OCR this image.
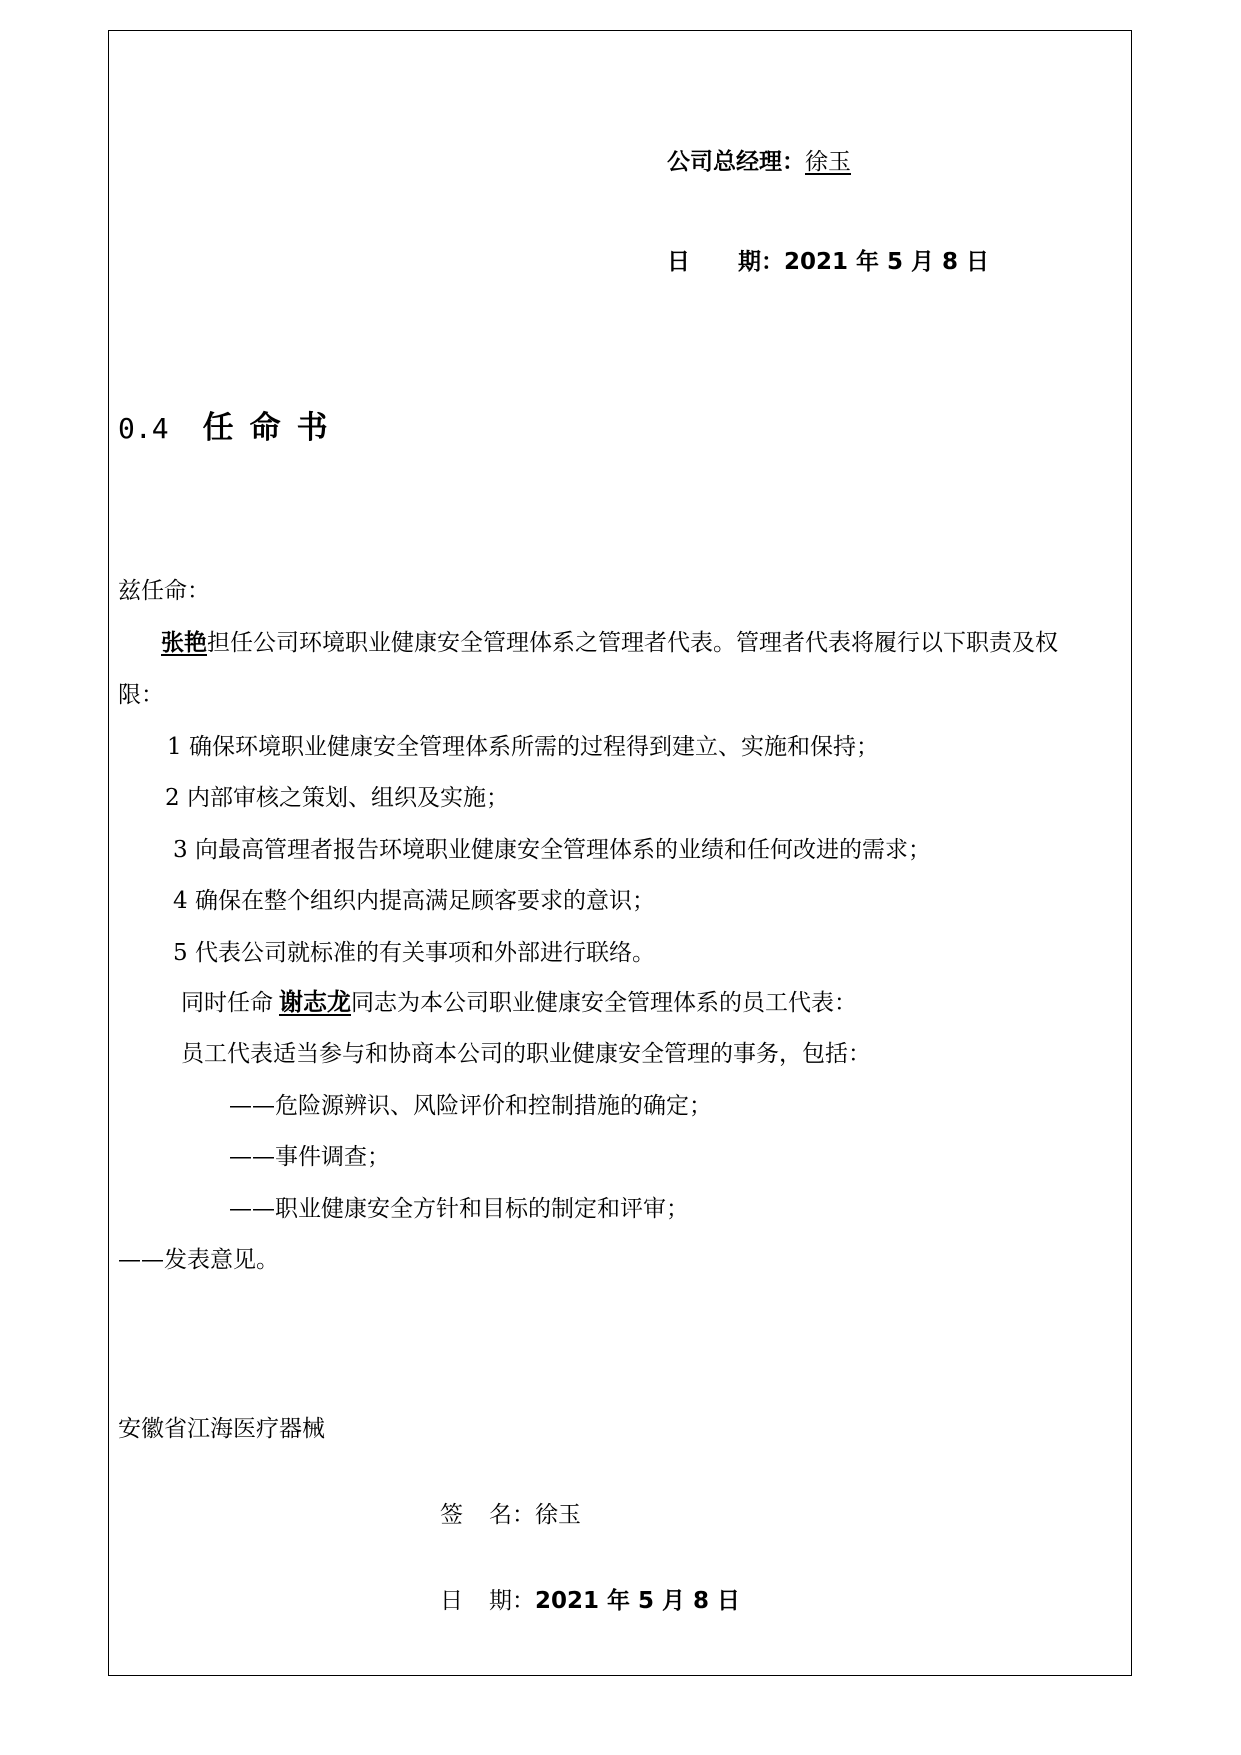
公司总经理：徐玉
日 期：2021 年 5 月 8 日
0.4 任命书
兹任命：
张艳担任公司环境职业健康安全管理体系之管理者代表。管理者代表将履行以下职责及权
限：
1 确保环境职业健康安全管理体系所需的过程得到建立、实施和保持；
2 内部审核之策划、组织及实施；
3 向最高管理者报告环境职业健康安全管理体系的业绩和任何改进的需求；
4 确保在整个组织内提高满足顾客要求的意识；
5 代表公司就标准的有关事项和外部进行联络。
同时任命 谢志龙同志为本公司职业健康安全管理体系的员工代表：
员工代表适当参与和协商本公司的职业健康安全管理的事务，包括：
——危险源辨识、风险评价和控制措施的确定；
——事件调查；
——职业健康安全方针和目标的制定和评审；
——发表意见。
安徽省江海医疗器械
签 名：徐玉
日 期：2021 年 5 月 8 日
